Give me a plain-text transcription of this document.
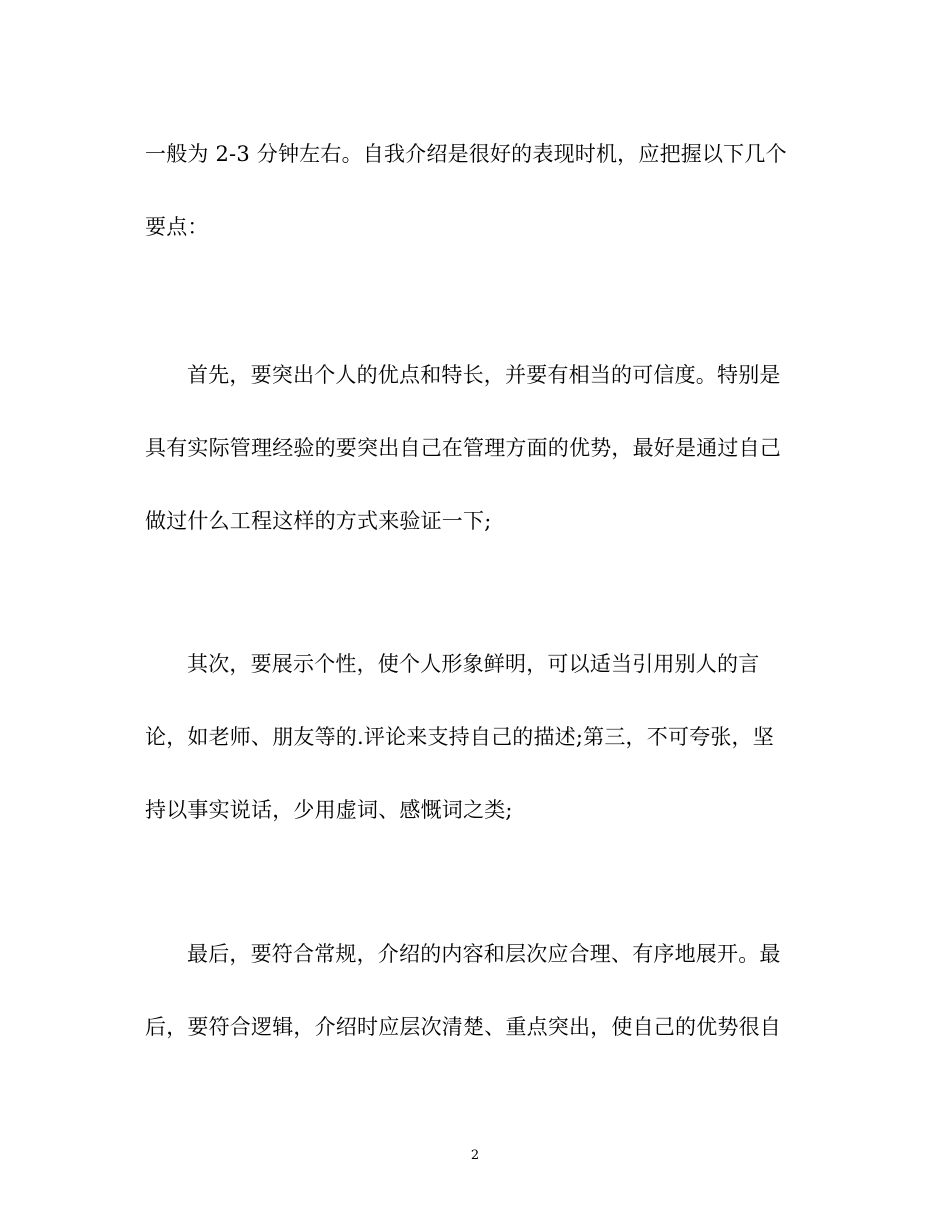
一般为 2-3 分钟左右。自我介绍是很好的表现时机，应把握以下几个
要点：
首先，要突出个人的优点和特长，并要有相当的可信度。特别是
具有实际管理经验的要突出自己在管理方面的优势，最好是通过自己
做过什么工程这样的方式来验证一下;
其次，要展示个性，使个人形象鲜明，可以适当引用别人的言
论，如老师、朋友等的.评论来支持自己的描述;第三，不可夸张，坚
持以事实说话，少用虚词、感慨词之类;
最后，要符合常规，介绍的内容和层次应合理、有序地展开。最
后，要符合逻辑，介绍时应层次清楚、重点突出，使自己的优势很自
2
